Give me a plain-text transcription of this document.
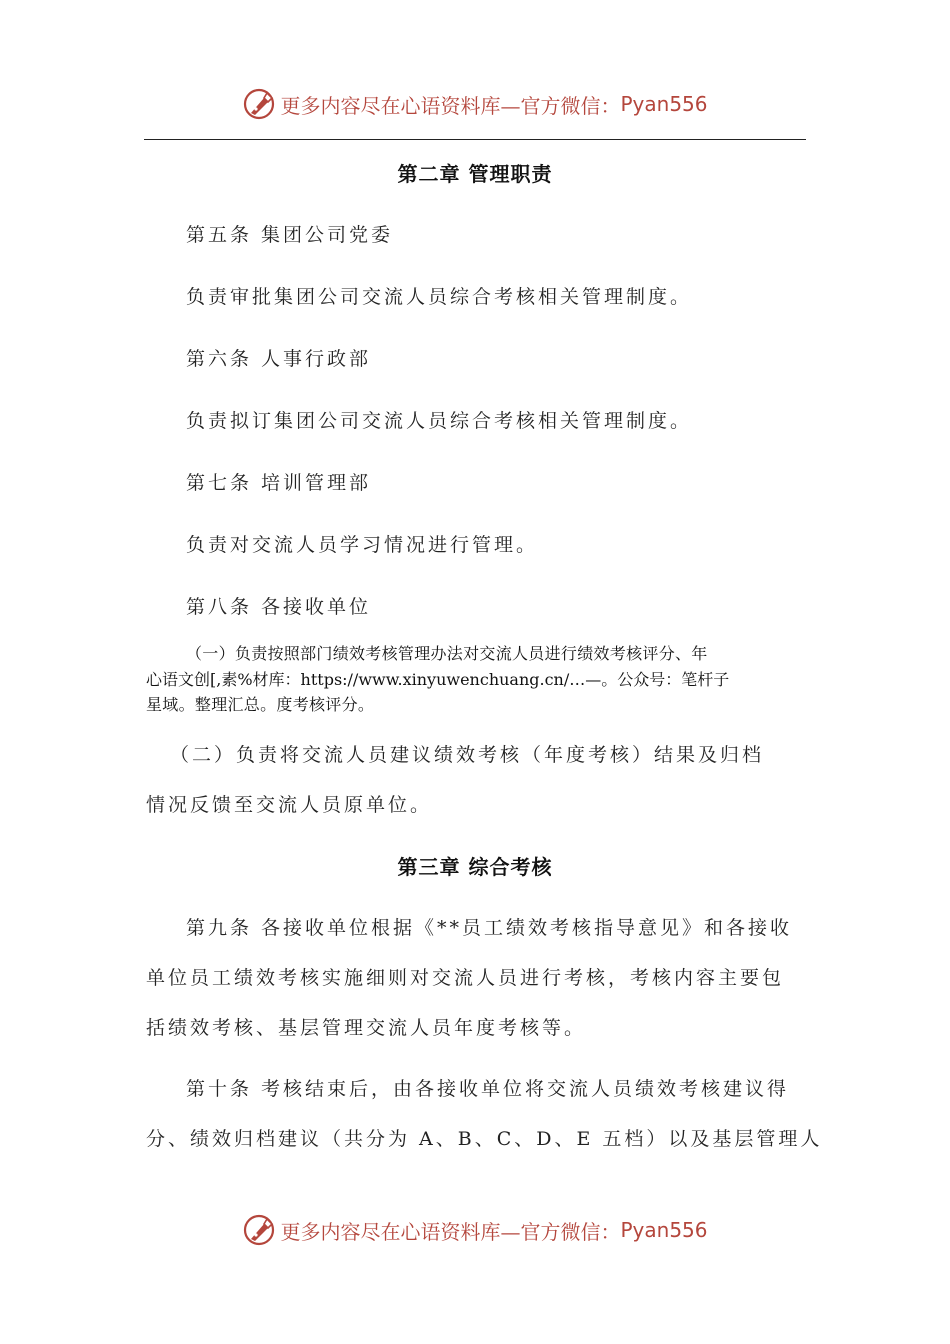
更多内容尽在心语资料库—官方微信： Pyan556
第二章 管理职责
第五条 集团公司党委
负责审批集团公司交流人员综合考核相关管理制度。
第六条 人事行政部
负责拟订集团公司交流人员综合考核相关管理制度。
第七条 培训管理部
负责对交流人员学习情况进行管理。
第八条 各接收单位
（一）负责按照部门绩效考核管理办法对交流人员进行绩效考核评分、年
心语文创[,素%材库：https://www.xinyuwenchuang.cn/…—。公众号：笔杆子
星域。整理汇总。度考核评分。
（二）负责将交流人员建议绩效考核（年度考核）结果及归档
情况反馈至交流人员原单位。
第三章 综合考核
第九条 各接收单位根据《**员工绩效考核指导意见》和各接收
单位员工绩效考核实施细则对交流人员进行考核，考核内容主要包
括绩效考核、基层管理交流人员年度考核等。
第十条 考核结束后，由各接收单位将交流人员绩效考核建议得
分、绩效归档建议（共分为 A、B、C、D、E 五档）以及基层管理人
更多内容尽在心语资料库—官方微信： Pyan556
